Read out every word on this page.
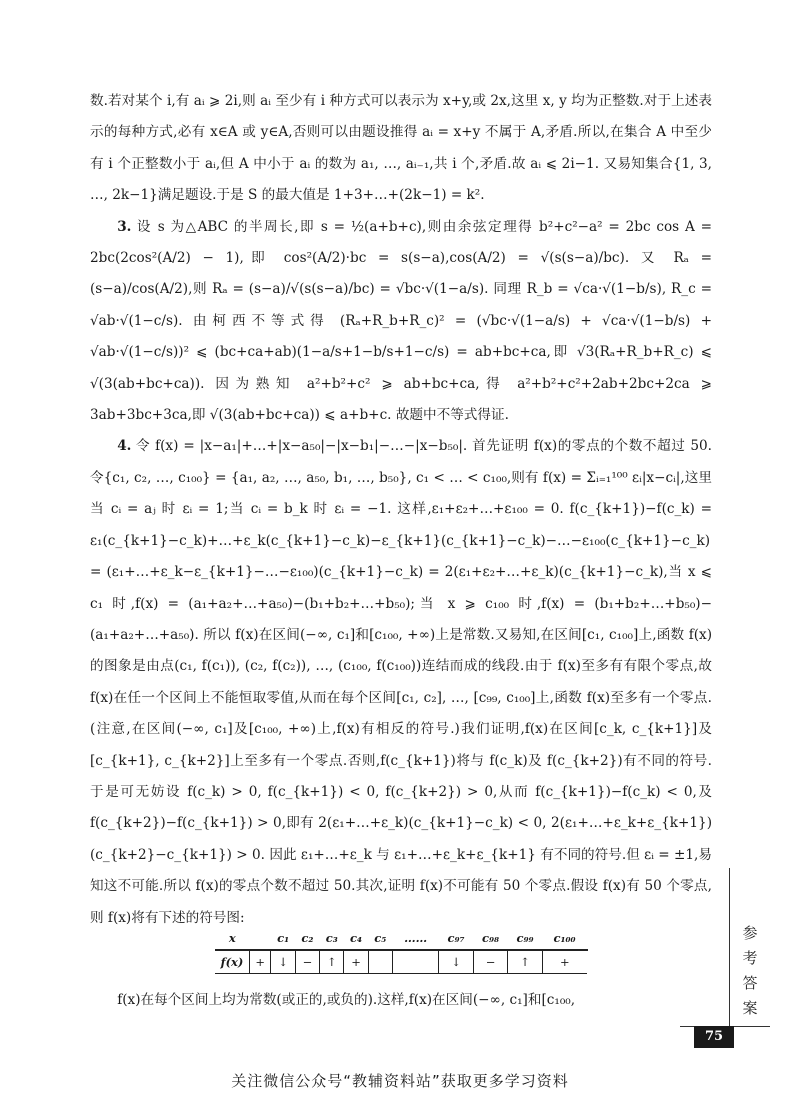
数.若对某个 i,有 aᵢ ⩾ 2i,则 aᵢ 至少有 i 种方式可以表示为 x+y,或 2x,这里 x, y 均为正整数.对于上述表示的每种方式,必有 x∈A 或 y∈A,否则可以由题设推得 aᵢ = x+y 不属于 A,矛盾.所以,在集合 A 中至少有 i 个正整数小于 aᵢ,但 A 中小于 aᵢ 的数为 a₁, …, aᵢ₋₁,共 i 个,矛盾.故 aᵢ ⩽ 2i−1. 又易知集合{1, 3, …, 2k−1}满足题设.于是 S 的最大值是 1+3+…+(2k−1) = k².

3. 设 s 为△ABC 的半周长,即 s = ½(a+b+c),则由余弦定理得 b²+c²−a² = 2bc cos A = 2bc(2cos²(A/2) − 1),即 cos²(A/2)·bc = s(s−a),cos(A/2) = √(s(s−a)/bc). 又 Rₐ = (s−a)/cos(A/2),则 Rₐ = (s−a)/√(s(s−a)/bc) = √bc·√(1−a/s). 同理 R_b = √ca·√(1−b/s), R_c = √ab·√(1−c/s). 由柯西不等式得 (Rₐ+R_b+R_c)² = (√bc·√(1−a/s) + √ca·√(1−b/s) + √ab·√(1−c/s))² ⩽ (bc+ca+ab)(1−a/s+1−b/s+1−c/s) = ab+bc+ca,即 √3(Rₐ+R_b+R_c) ⩽ √(3(ab+bc+ca)). 因为熟知 a²+b²+c² ⩾ ab+bc+ca,得 a²+b²+c²+2ab+2bc+2ca ⩾ 3ab+3bc+3ca,即 √(3(ab+bc+ca)) ⩽ a+b+c. 故题中不等式得证.

4. 令 f(x) = |x−a₁|+…+|x−a₅₀|−|x−b₁|−…−|x−b₅₀|. 首先证明 f(x)的零点的个数不超过 50. 令{c₁, c₂, …, c₁₀₀} = {a₁, a₂, …, a₅₀, b₁, …, b₅₀}, c₁ < … < c₁₀₀,则有 f(x) = Σᵢ₌₁¹⁰⁰ εᵢ|x−cᵢ|,这里当 cᵢ = aⱼ 时 εᵢ = 1;当 cᵢ = b_k 时 εᵢ = −1. 这样,ε₁+ε₂+…+ε₁₀₀ = 0. f(c_{k+1})−f(c_k) = ε₁(c_{k+1}−c_k)+…+ε_k(c_{k+1}−c_k)−ε_{k+1}(c_{k+1}−c_k)−…−ε₁₀₀(c_{k+1}−c_k) = (ε₁+…+ε_k−ε_{k+1}−…−ε₁₀₀)(c_{k+1}−c_k) = 2(ε₁+ε₂+…+ε_k)(c_{k+1}−c_k),当 x ⩽ c₁ 时,f(x) = (a₁+a₂+…+a₅₀)−(b₁+b₂+…+b₅₀);当 x ⩾ c₁₀₀ 时,f(x) = (b₁+b₂+…+b₅₀)−(a₁+a₂+…+a₅₀). 所以 f(x)在区间(−∞, c₁]和[c₁₀₀, +∞)上是常数.又易知,在区间[c₁, c₁₀₀]上,函数 f(x)的图象是由点(c₁, f(c₁)), (c₂, f(c₂)), …, (c₁₀₀, f(c₁₀₀))连结而成的线段.由于 f(x)至多有有限个零点,故 f(x)在任一个区间上不能恒取零值,从而在每个区间[c₁, c₂], …, [c₉₉, c₁₀₀]上,函数 f(x)至多有一个零点.(注意,在区间(−∞, c₁]及[c₁₀₀, +∞)上,f(x)有相反的符号.)我们证明,f(x)在区间[c_k, c_{k+1}]及[c_{k+1}, c_{k+2}]上至多有一个零点.否则,f(c_{k+1})将与 f(c_k)及 f(c_{k+2})有不同的符号.于是可无妨设 f(c_k) > 0, f(c_{k+1}) < 0, f(c_{k+2}) > 0,从而 f(c_{k+1})−f(c_k) < 0,及 f(c_{k+2})−f(c_{k+1}) > 0,即有 2(ε₁+…+ε_k)(c_{k+1}−c_k) < 0, 2(ε₁+…+ε_k+ε_{k+1})(c_{k+2}−c_{k+1}) > 0. 因此 ε₁+…+ε_k 与 ε₁+…+ε_k+ε_{k+1} 有不同的符号.但 εᵢ = ±1,易知这不可能.所以 f(x)的零点个数不超过 50.其次,证明 f(x)不可能有 50 个零点.假设 f(x)有 50 个零点,则 f(x)将有下述的符号图:

x		c₁	c₂	c₃	c₄	c₅	……	c₉₇	c₉₈	c₉₉	c₁₀₀	
f(x)	+	↓	−	↑	+			↓	−	↑	+	

f(x)在每个区间上均为常数(或正的,或负的).这样,f(x)在区间(−∞, c₁]和[c₁₀₀,

参
考
答
案
75
关注微信公众号“教辅资料站”获取更多学习资料
